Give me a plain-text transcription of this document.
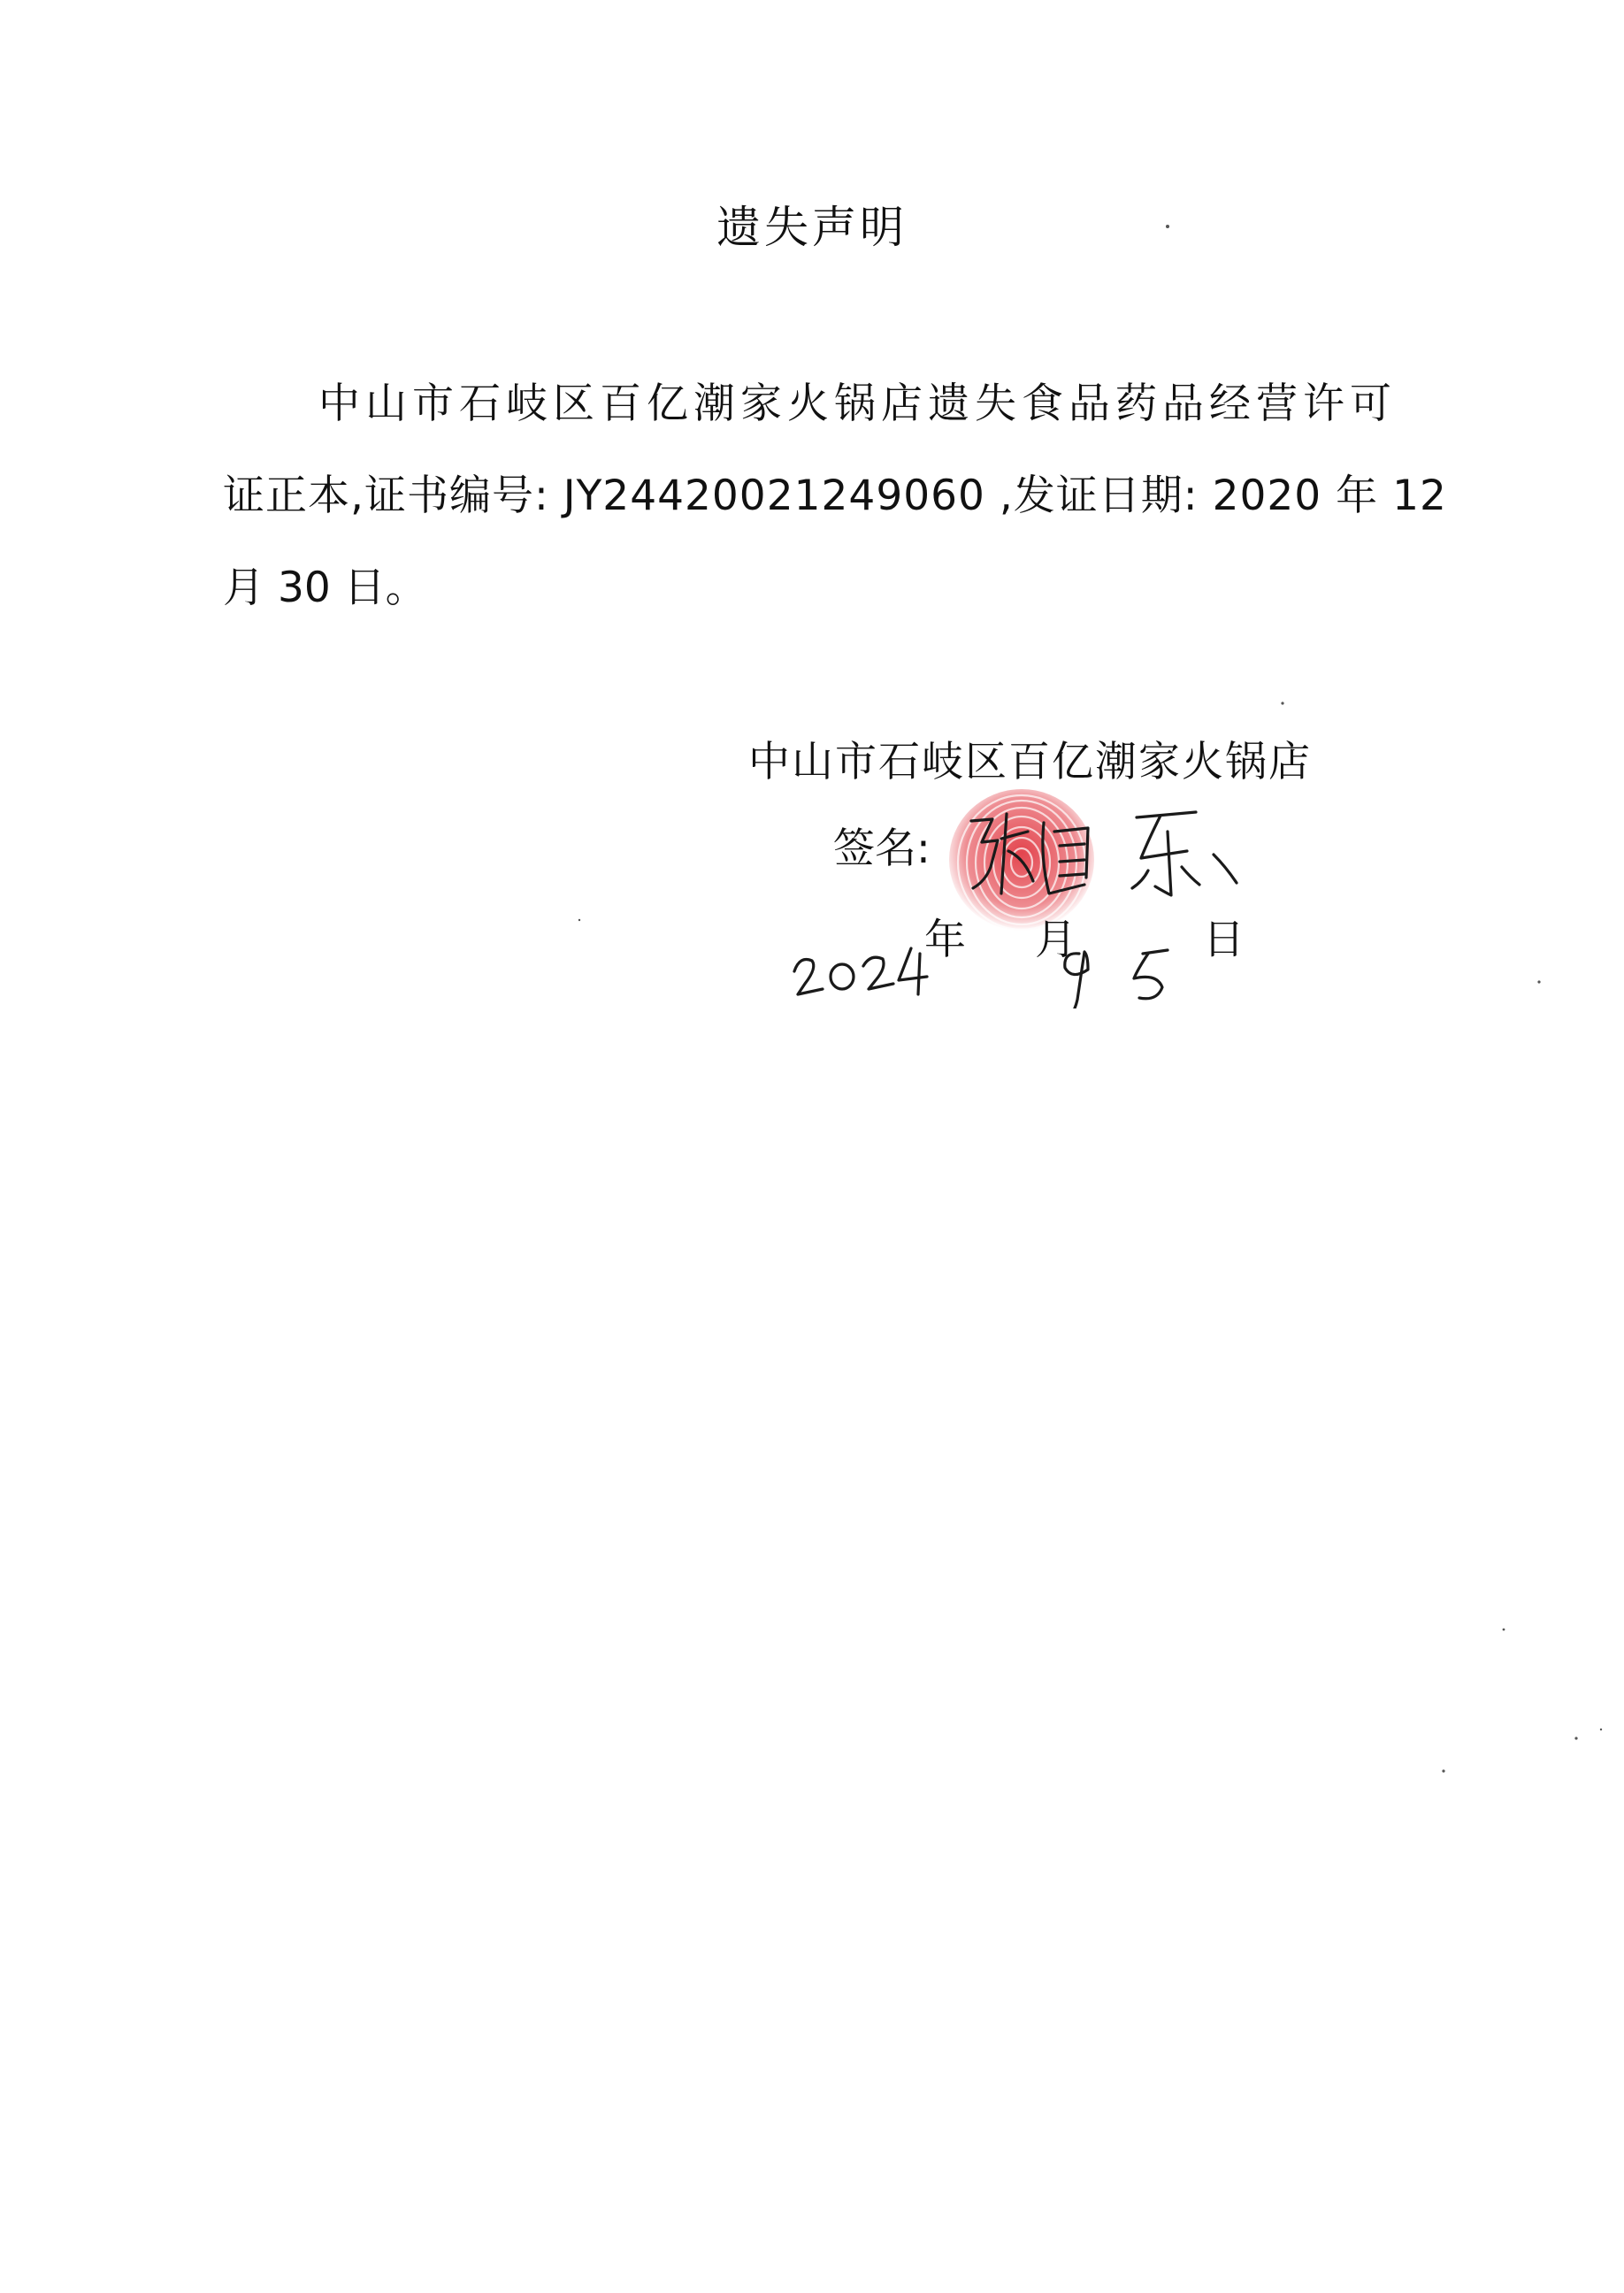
遗失声明
中山市石岐区百亿潮家火锅店遗失食品药品经营许可
证正本,证书编号: JY24420021249060 ,发证日期: 2020 年 12
月 30 日。
中山市石岐区百亿潮家火锅店
签名:
年 月	日
